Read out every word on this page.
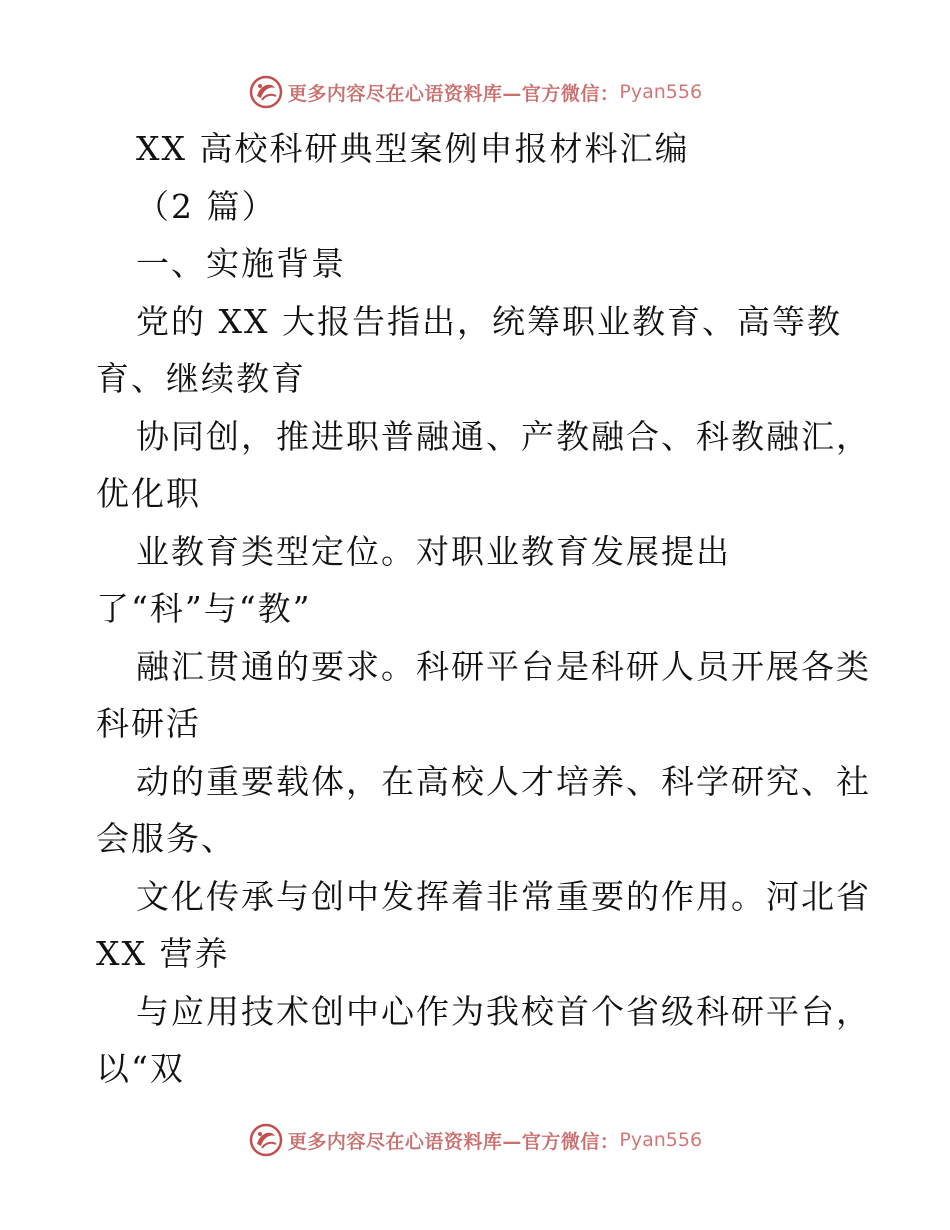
更多内容尽在心语资料库—官方微信： Pyan556
XX 高校科研典型案例申报材料汇编
（2 篇）
一、实施背景
党的 XX 大报告指出，统筹职业教育、高等教
育、继续教育
协同创，推进职普融通、产教融合、科教融汇，
优化职
业教育类型定位。对职业教育发展提出
了“科”与“教”
融汇贯通的要求。科研平台是科研人员开展各类
科研活
动的重要载体，在高校人才培养、科学研究、社
会服务、
文化传承与创中发挥着非常重要的作用。河北省
XX 营养
与应用技术创中心作为我校首个省级科研平台，
以“双
更多内容尽在心语资料库—官方微信： Pyan556
